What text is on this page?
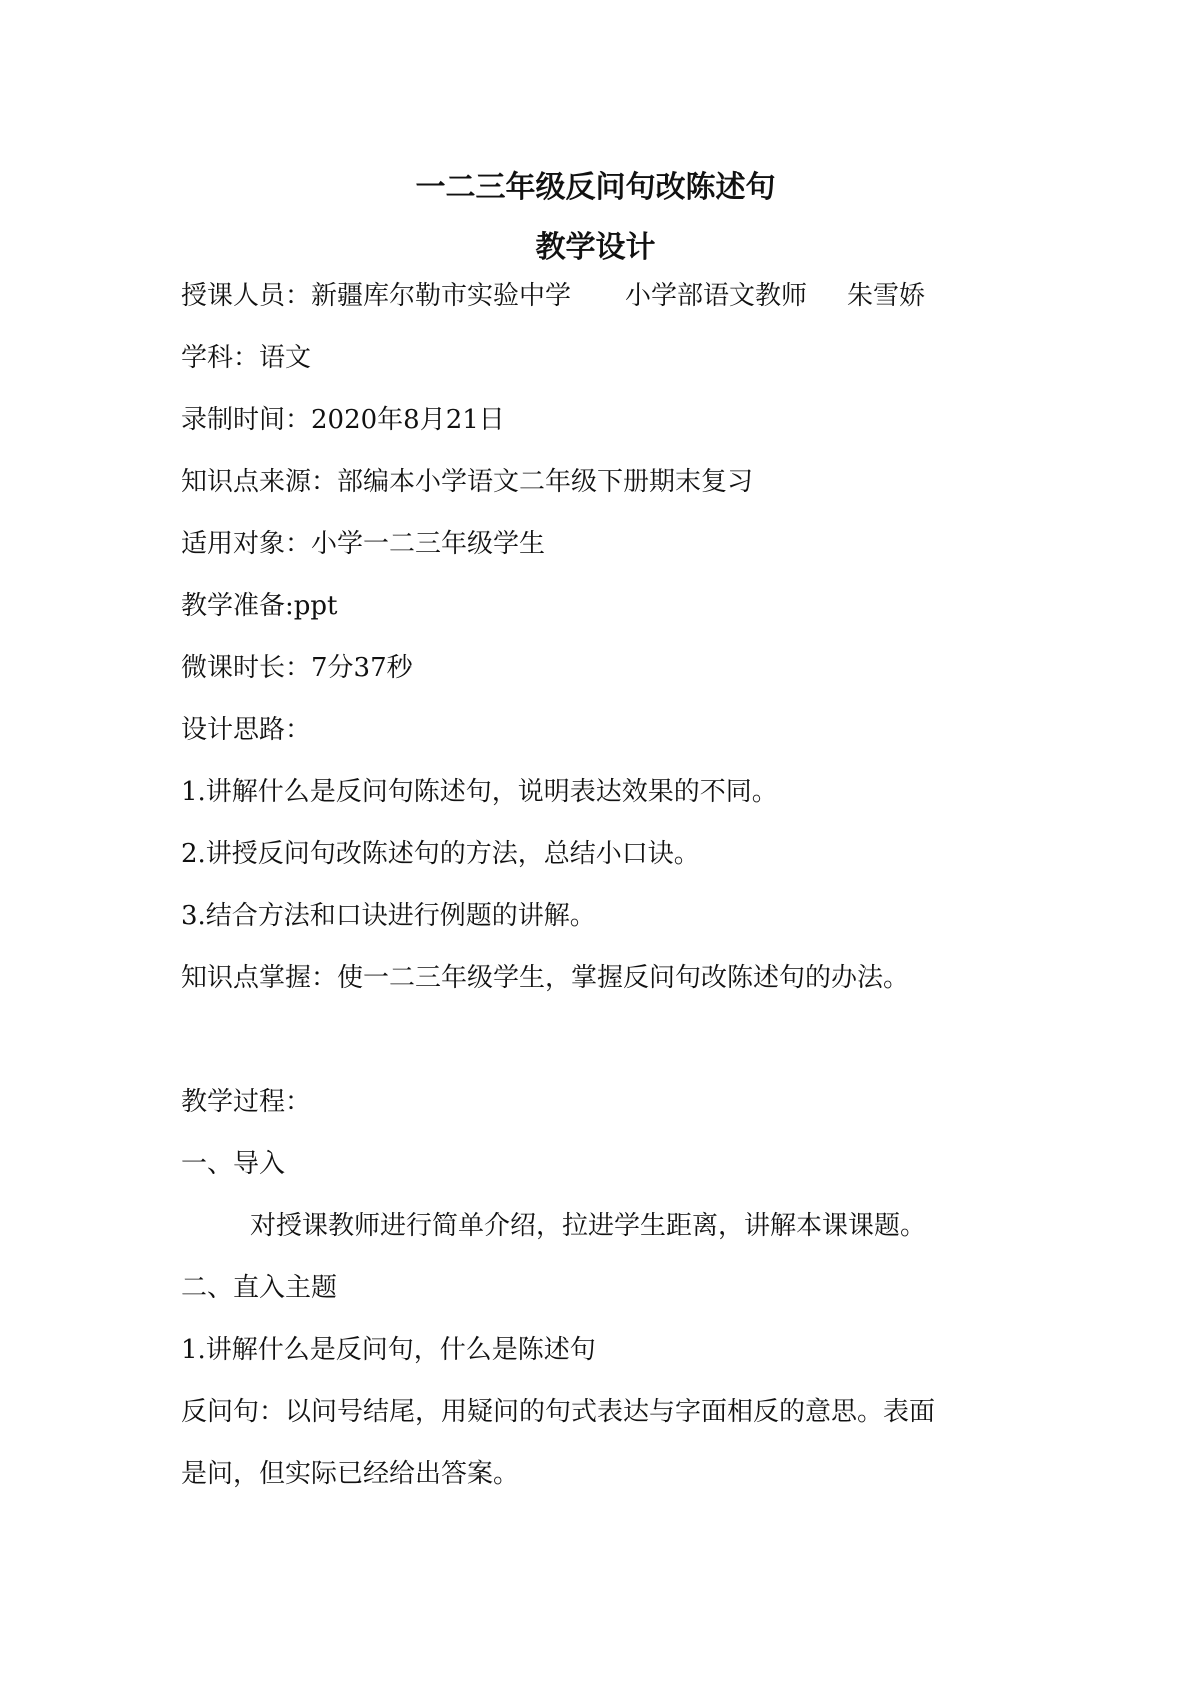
一二三年级反问句改陈述句
教学设计
授课人员：新疆库尔勒市实验中学 小学部语文教师 朱雪娇
学科：语文
录制时间：2020年8月21日
知识点来源：部编本小学语文二年级下册期末复习
适用对象：小学一二三年级学生
教学准备:ppt
微课时长：7分37秒
设计思路：
1.讲解什么是反问句陈述句，说明表达效果的不同。
2.讲授反问句改陈述句的方法，总结小口诀。
3.结合方法和口诀进行例题的讲解。
知识点掌握：使一二三年级学生，掌握反问句改陈述句的办法。
教学过程：
一、导入
对授课教师进行简单介绍，拉进学生距离，讲解本课课题。
二、直入主题
1.讲解什么是反问句，什么是陈述句
反问句：以问号结尾，用疑问的句式表达与字面相反的意思。表面
是问，但实际已经给出答案。
